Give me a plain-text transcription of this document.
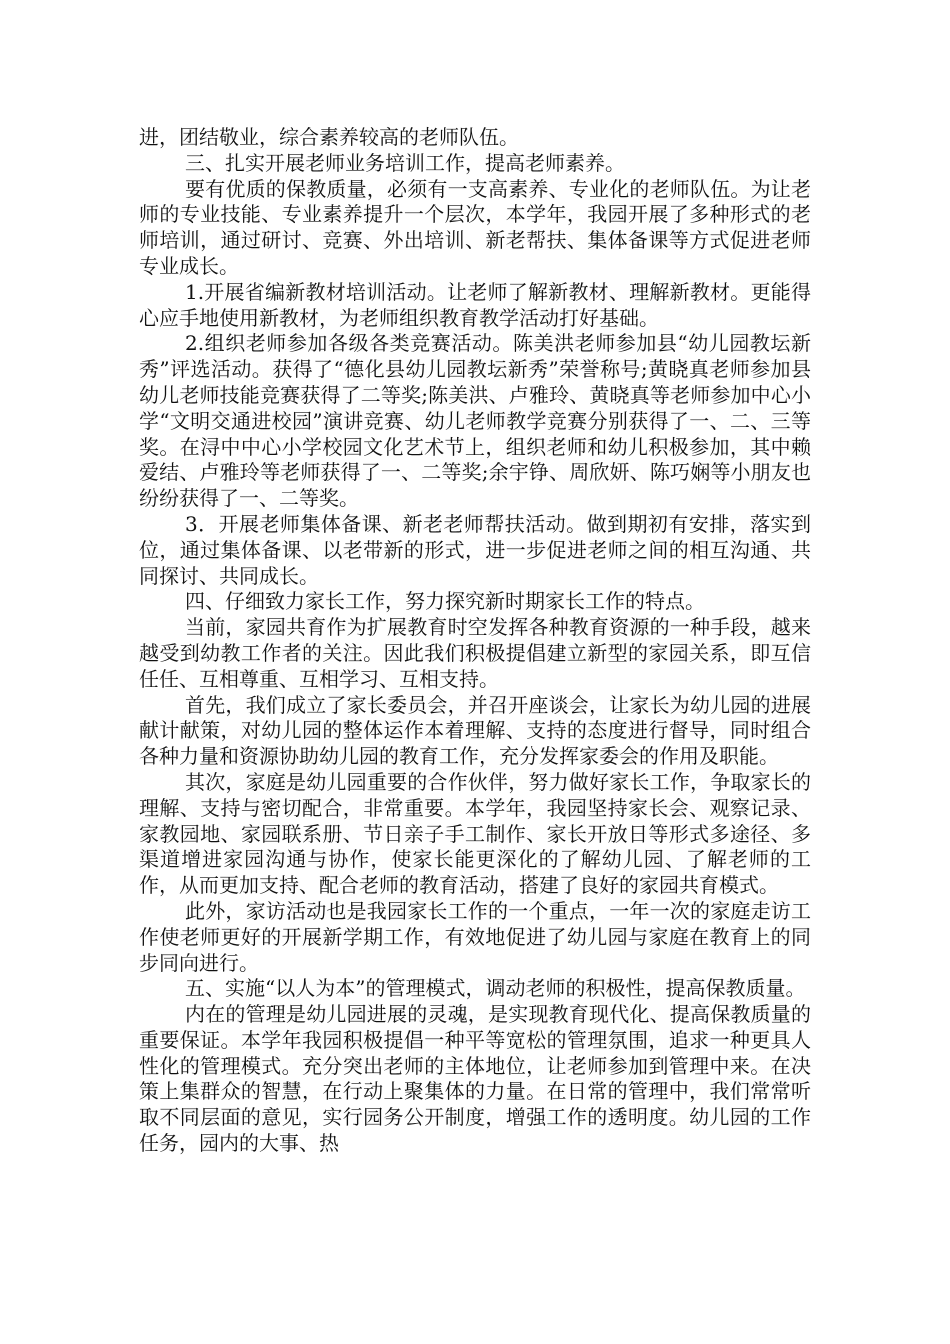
进，团结敬业，综合素养较高的老师队伍。

三、扎实开展老师业务培训工作，提高老师素养。

要有优质的保教质量，必须有一支高素养、专业化的老师队伍。为让老师的专业技能、专业素养提升一个层次，本学年，我园开展了多种形式的老师培训，通过研讨、竞赛、外出培训、新老帮扶、集体备课等方式促进老师专业成长。

1.开展省编新教材培训活动。让老师了解新教材、理解新教材。更能得心应手地使用新教材，为老师组织教育教学活动打好基础。

2.组织老师参加各级各类竞赛活动。陈美洪老师参加县“幼儿园教坛新秀”评选活动。获得了“德化县幼儿园教坛新秀”荣誉称号;黄晓真老师参加县幼儿老师技能竞赛获得了二等奖;陈美洪、卢雅玲、黄晓真等老师参加中心小学“文明交通进校园”演讲竞赛、幼儿老师教学竞赛分别获得了一、二、三等奖。在浔中中心小学校园文化艺术节上，组织老师和幼儿积极参加，其中赖爱结、卢雅玲等老师获得了一、二等奖;余宇铮、周欣妍、陈巧娴等小朋友也纷纷获得了一、二等奖。

3．开展老师集体备课、新老老师帮扶活动。做到期初有安排，落实到位，通过集体备课、以老带新的形式，进一步促进老师之间的相互沟通、共同探讨、共同成长。

四、仔细致力家长工作，努力探究新时期家长工作的特点。

当前，家园共育作为扩展教育时空发挥各种教育资源的一种手段，越来越受到幼教工作者的关注。因此我们积极提倡建立新型的家园关系，即互信任任、互相尊重、互相学习、互相支持。

首先，我们成立了家长委员会，并召开座谈会，让家长为幼儿园的进展献计献策，对幼儿园的整体运作本着理解、支持的态度进行督导，同时组合各种力量和资源协助幼儿园的教育工作，充分发挥家委会的作用及职能。

其次，家庭是幼儿园重要的合作伙伴，努力做好家长工作，争取家长的理解、支持与密切配合，非常重要。本学年，我园坚持家长会、观察记录、家教园地、家园联系册、节日亲子手工制作、家长开放日等形式多途径、多渠道增进家园沟通与协作，使家长能更深化的了解幼儿园、了解老师的工作，从而更加支持、配合老师的教育活动，搭建了良好的家园共育模式。

此外，家访活动也是我园家长工作的一个重点，一年一次的家庭走访工作使老师更好的开展新学期工作，有效地促进了幼儿园与家庭在教育上的同步同向进行。

五、实施“以人为本”的管理模式，调动老师的积极性，提高保教质量。

内在的管理是幼儿园进展的灵魂，是实现教育现代化、提高保教质量的重要保证。本学年我园积极提倡一种平等宽松的管理氛围，追求一种更具人性化的管理模式。充分突出老师的主体地位，让老师参加到管理中来。在决策上集群众的智慧，在行动上聚集体的力量。在日常的管理中，我们常常听取不同层面的意见，实行园务公开制度，增强工作的透明度。幼儿园的工作任务，园内的大事、热
